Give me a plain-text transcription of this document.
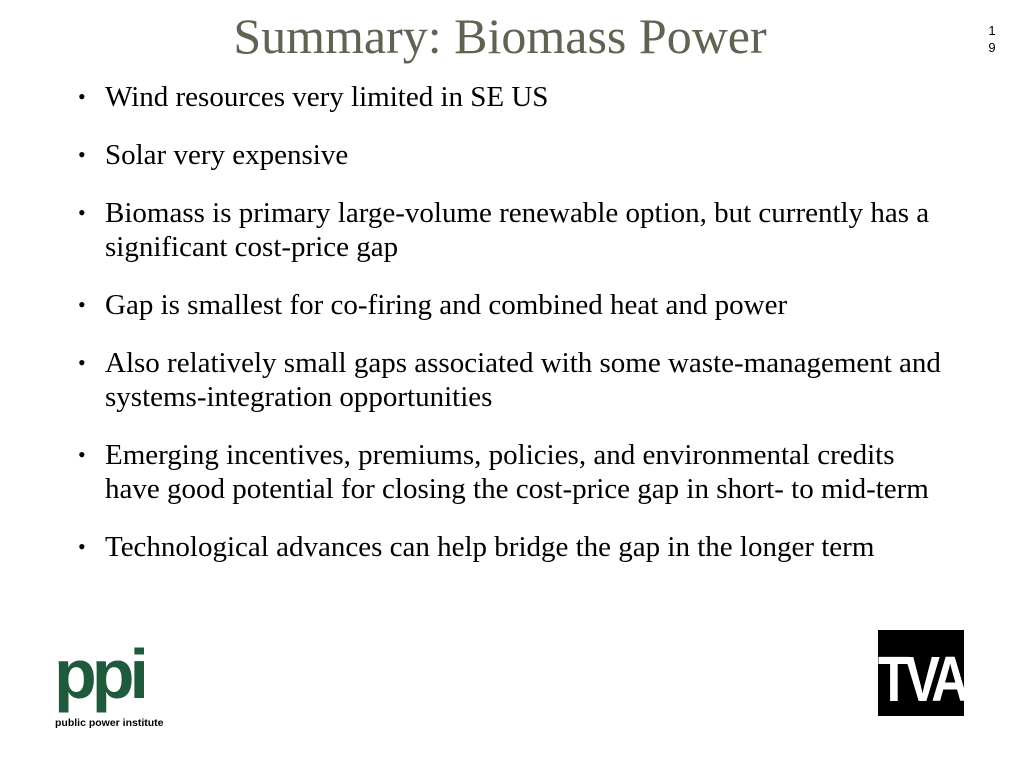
Summary: Biomass Power	1
9
• Wind resources very limited in SE US
• Solar very expensive
• Biomass is primary large-volume renewable option, but currently has a significant cost-price gap
• Gap is smallest for co-firing and combined heat and power
• Also relatively small gaps associated with some waste-management and systems-integration opportunities
• Emerging incentives, premiums, policies, and environmental credits have good potential for closing the cost-price gap in short- to mid-term
• Technological advances can help bridge the gap in the longer term
ppi
public power institute
TVA
